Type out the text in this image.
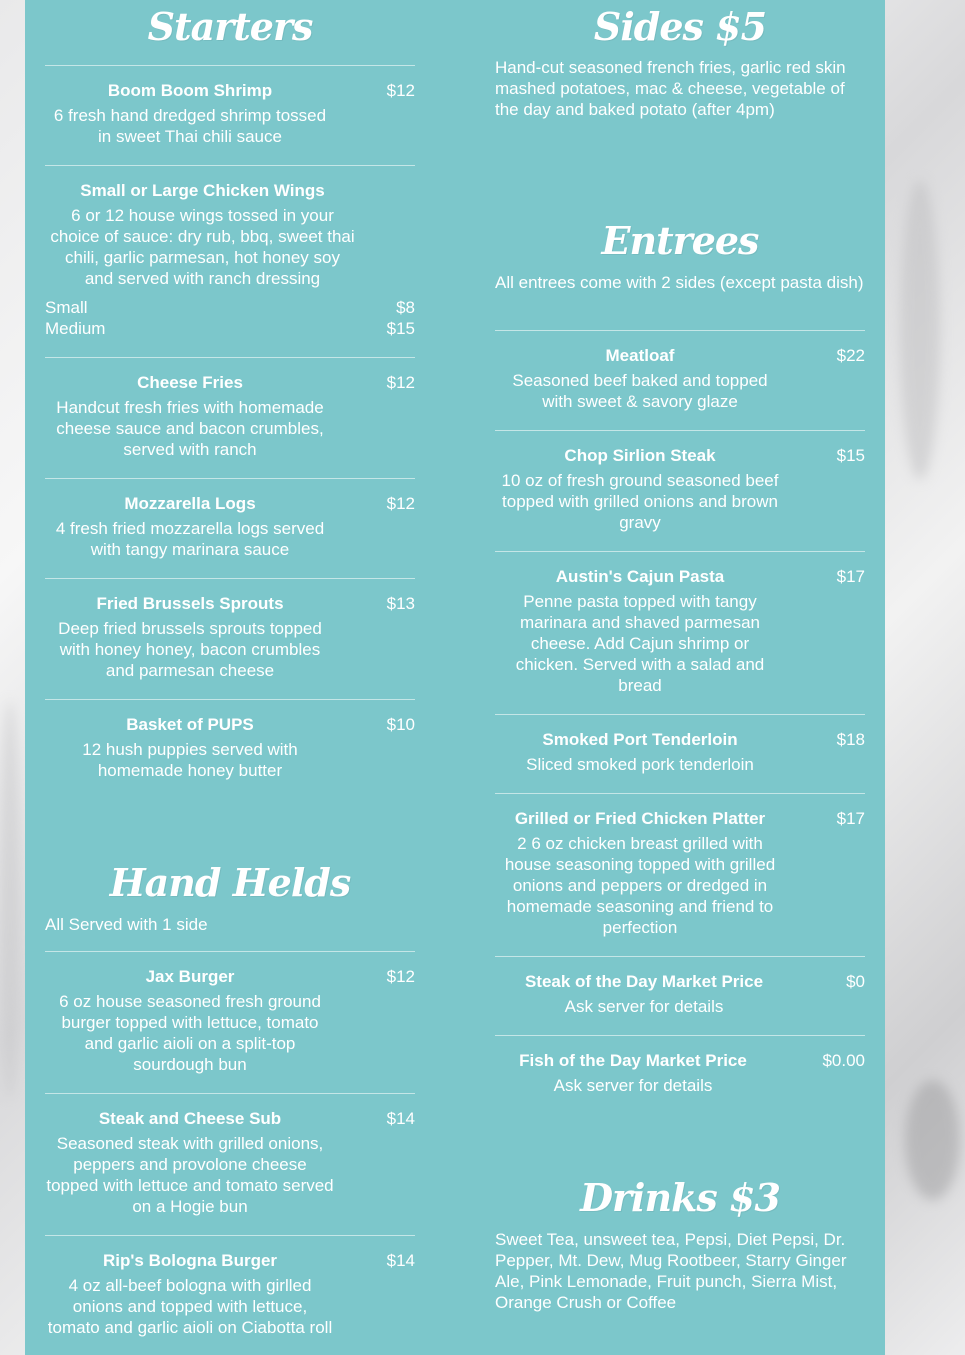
Starters
Boom Boom Shrimp	$12
6 fresh hand dredged shrimp tossed in sweet Thai chili sauce
Small or Large Chicken Wings
6 or 12 house wings tossed in your choice of sauce: dry rub, bbq, sweet thai chili, garlic parmesan, hot honey soy and served with ranch dressing
Small	$8
Medium	$15
Cheese Fries	$12
Handcut fresh fries with homemade cheese sauce and bacon crumbles, served with ranch
Mozzarella Logs	$12
4 fresh fried mozzarella logs served with tangy marinara sauce
Fried Brussels Sprouts	$13
Deep fried brussels sprouts topped with honey honey, bacon crumbles and parmesan cheese
Basket of PUPS	$10
12 hush puppies served with homemade honey butter
Hand Helds
All Served with 1 side
Jax Burger	$12
6 oz house seasoned fresh ground burger topped with lettuce, tomato and garlic aioli on a split-top sourdough bun
Steak and Cheese Sub	$14
Seasoned steak with grilled onions, peppers and provolone cheese topped with lettuce and tomato served on a Hogie bun
Rip's Bologna Burger	$14
4 oz all-beef bologna with girlled onions and topped with lettuce, tomato and garlic aioli on Ciabotta roll
Sides $5
Hand-cut seasoned french fries, garlic red skin mashed potatoes, mac & cheese, vegetable of the day and baked potato (after 4pm)
Entrees
All entrees come with 2 sides (except pasta dish)
Meatloaf	$22
Seasoned beef baked and topped with sweet & savory glaze
Chop Sirlion Steak	$15
10 oz of fresh ground seasoned beef topped with grilled onions and brown gravy
Austin's Cajun Pasta	$17
Penne pasta topped with tangy marinara and shaved parmesan cheese. Add Cajun shrimp or chicken. Served with a salad and bread
Smoked Port Tenderloin	$18
Sliced smoked pork tenderloin
Grilled or Fried Chicken Platter	$17
2 6 oz chicken breast grilled with house seasoning topped with grilled onions and peppers or dredged in homemade seasoning and friend to perfection
Steak of the Day Market Price	$0
Ask server for details
Fish of the Day Market Price	$0.00
Ask server for details
Drinks $3
Sweet Tea, unsweet tea, Pepsi, Diet Pepsi, Dr. Pepper, Mt. Dew, Mug Rootbeer, Starry Ginger Ale, Pink Lemonade, Fruit punch, Sierra Mist, Orange Crush or Coffee
